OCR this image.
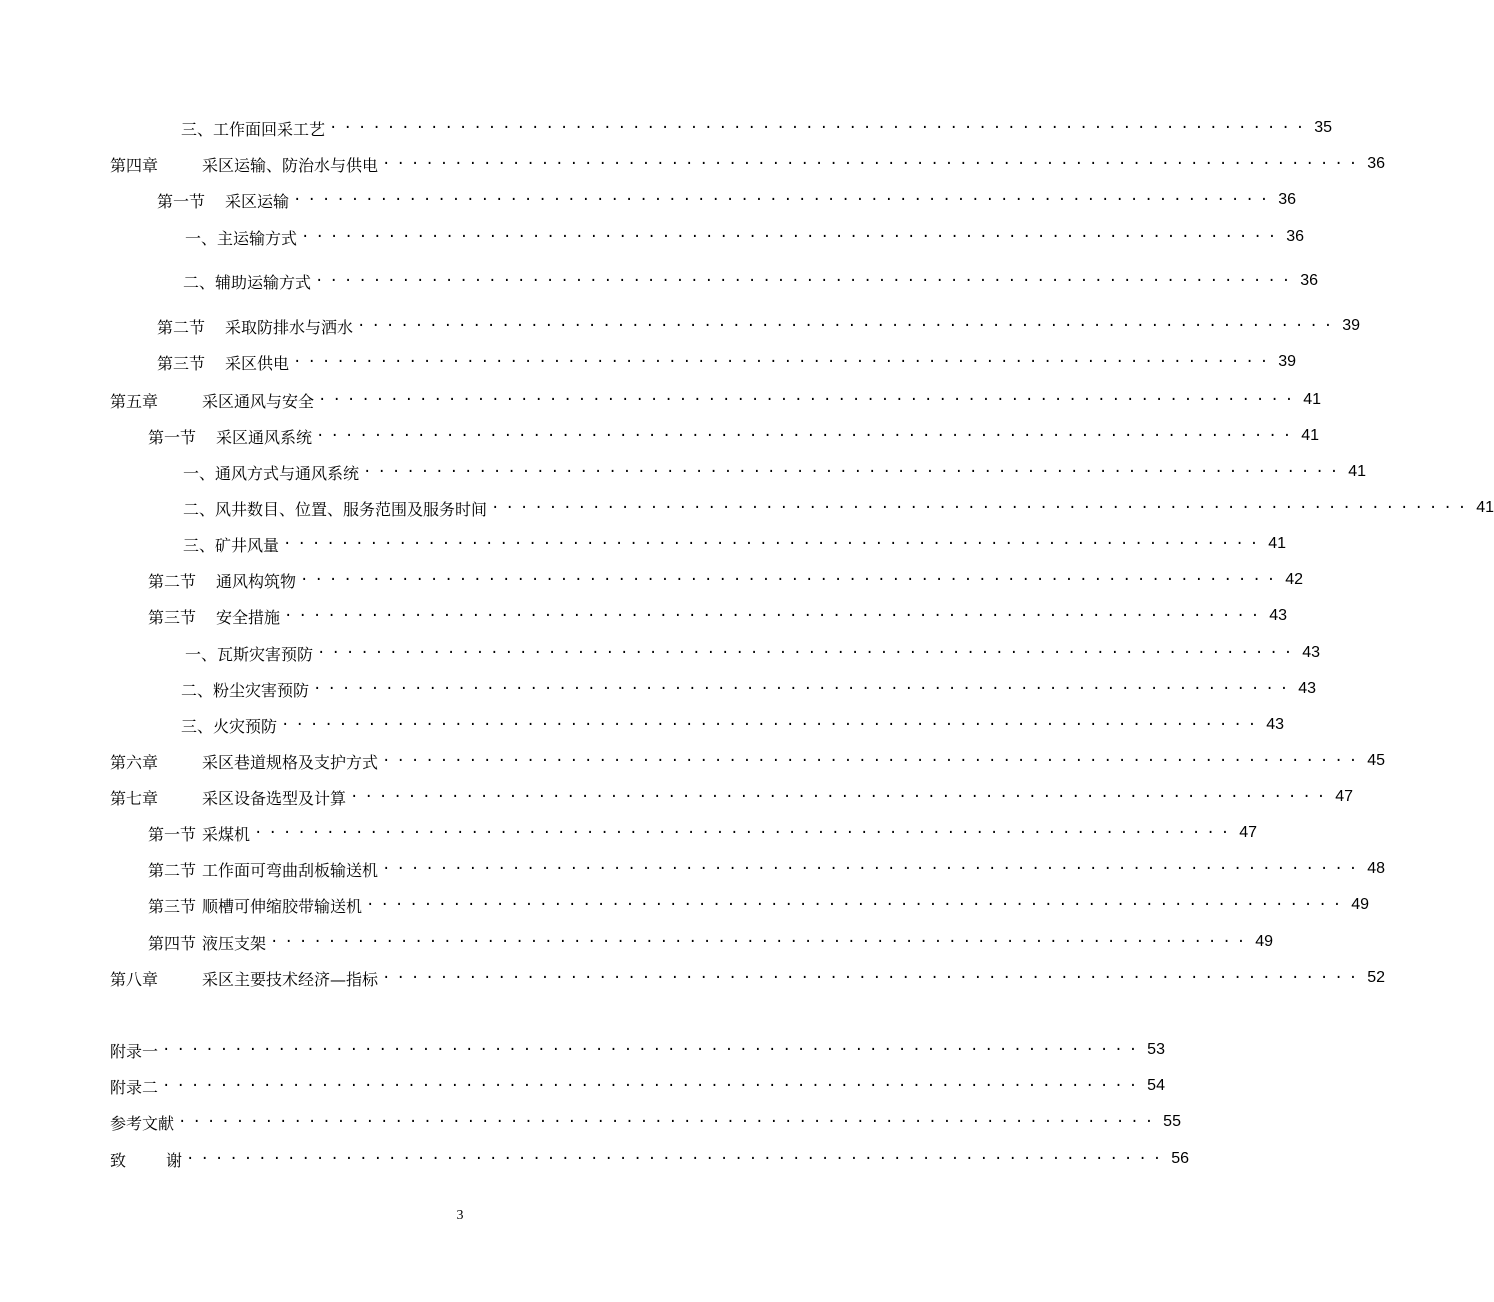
三、工作面回采工艺 ···································································· 35
第四章	采区运输、防治水与供电 ···································································· 36
第一节 采区运输 ···································································· 36
一、主运输方式 ···································································· 36
二、辅助运输方式 ···································································· 36
第二节 采取防排水与洒水 ···································································· 39
第三节 采区供电 ···································································· 39
第五章	采区通风与安全 ···································································· 41
第一节 采区通风系统 ···································································· 41
一、通风方式与通风系统 ···································································· 41
二、风井数目、位置、服务范围及服务时间 ···································································· 41
三、矿井风量 ···································································· 41
第二节 通风构筑物 ···································································· 42
第三节 安全措施 ···································································· 43
一、瓦斯灾害预防 ···································································· 43
二、粉尘灾害预防 ···································································· 43
三、火灾预防 ···································································· 43
第六章	采区巷道规格及支护方式 ···································································· 45
第七章	采区设备选型及计算 ···································································· 47
第一节 采煤机 ···································································· 47
第二节 工作面可弯曲刮板输送机 ···································································· 48
第三节 顺槽可伸缩胶带输送机 ···································································· 49
第四节 液压支架 ···································································· 49
第八章	采区主要技术经济—指标 ···································································· 52
附录一 ···································································· 53
附录二 ···································································· 54
参考文献 ···································································· 55
致	谢 ···································································· 56
3
